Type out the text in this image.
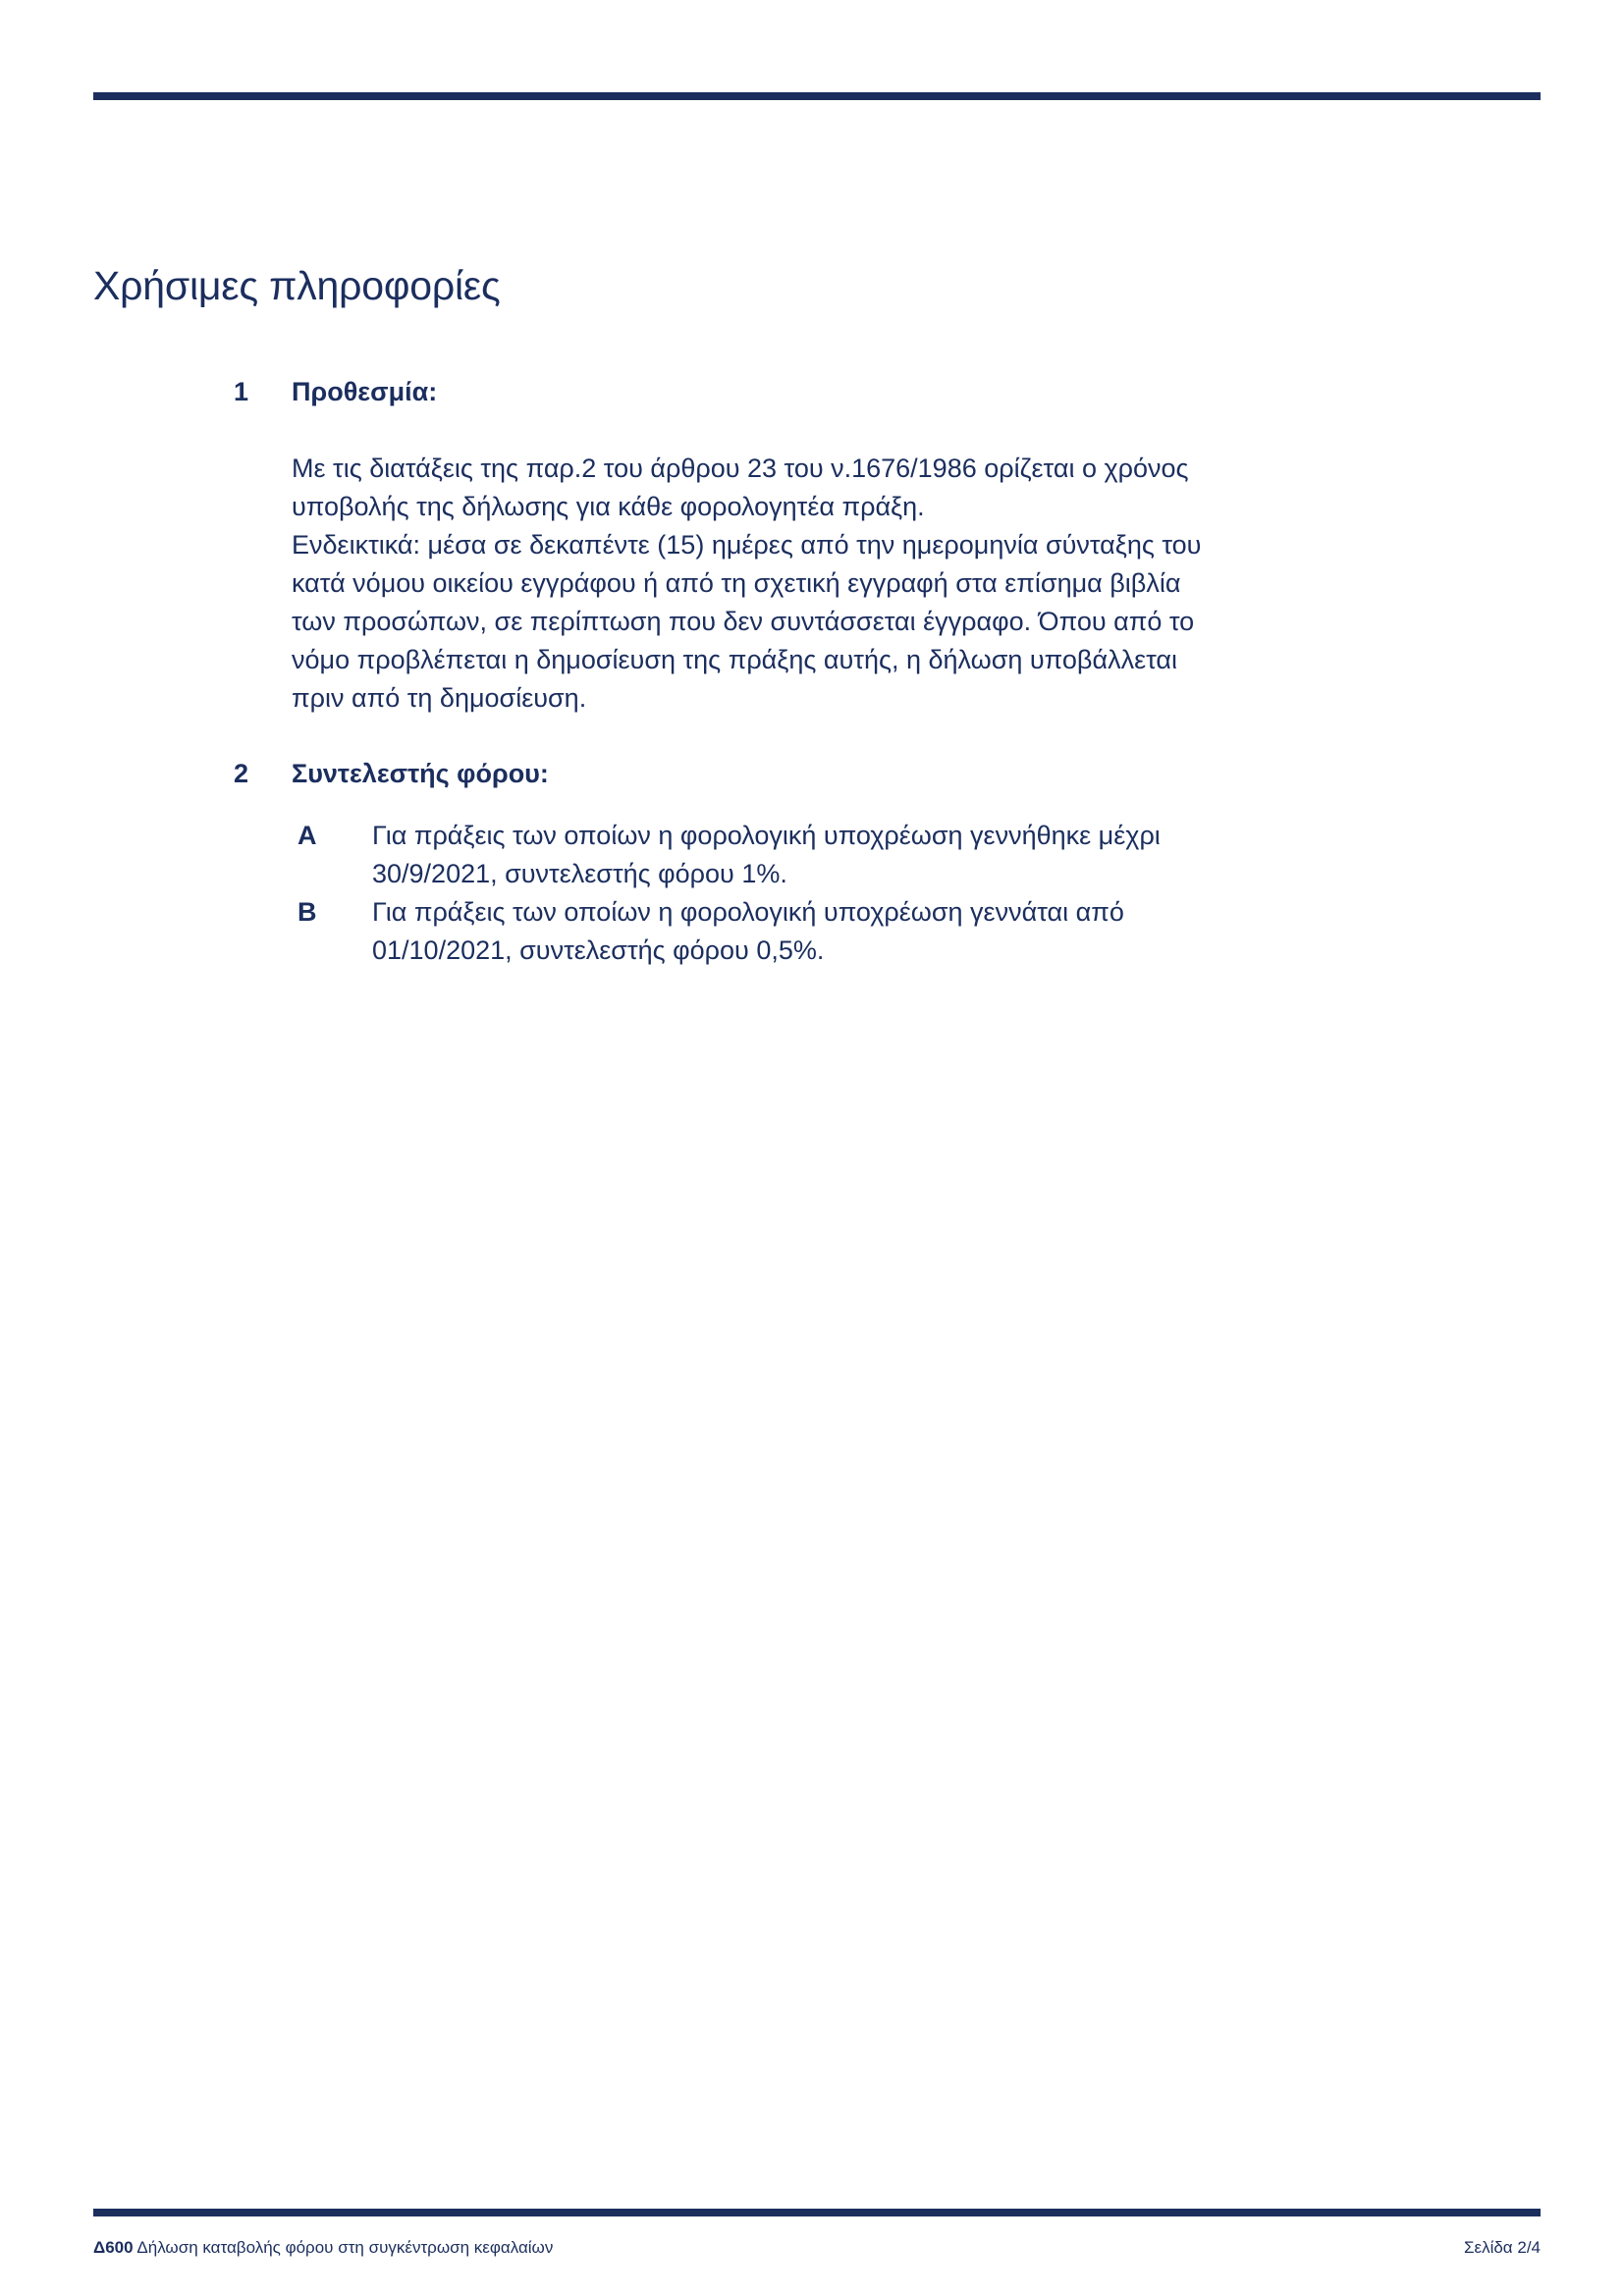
Χρήσιμες πληροφορίες
1 Προθεσμία:
Με τις διατάξεις της παρ.2 του άρθρου 23 του ν.1676/1986 ορίζεται ο χρόνος
υποβολής της δήλωσης για κάθε φορολογητέα πράξη.
Ενδεικτικά: μέσα σε δεκαπέντε (15) ημέρες από την ημερομηνία σύνταξης του
κατά νόμου οικείου εγγράφου ή από τη σχετική εγγραφή στα επίσημα βιβλία
των προσώπων, σε περίπτωση που δεν συντάσσεται έγγραφο. Όπου από το
νόμο προβλέπεται η δημοσίευση της πράξης αυτής, η δήλωση υποβάλλεται
πριν από τη δημοσίευση.
2 Συντελεστής φόρου:
A Για πράξεις των οποίων η φορολογική υποχρέωση γεννήθηκε μέχρι
30/9/2021, συντελεστής φόρου 1%.
B Για πράξεις των οποίων η φορολογική υποχρέωση γεννάται από
01/10/2021, συντελεστής φόρου 0,5%.
Δ600 Δήλωση καταβολής φόρου στη συγκέντρωση κεφαλαίων	Σελίδα 2/4
